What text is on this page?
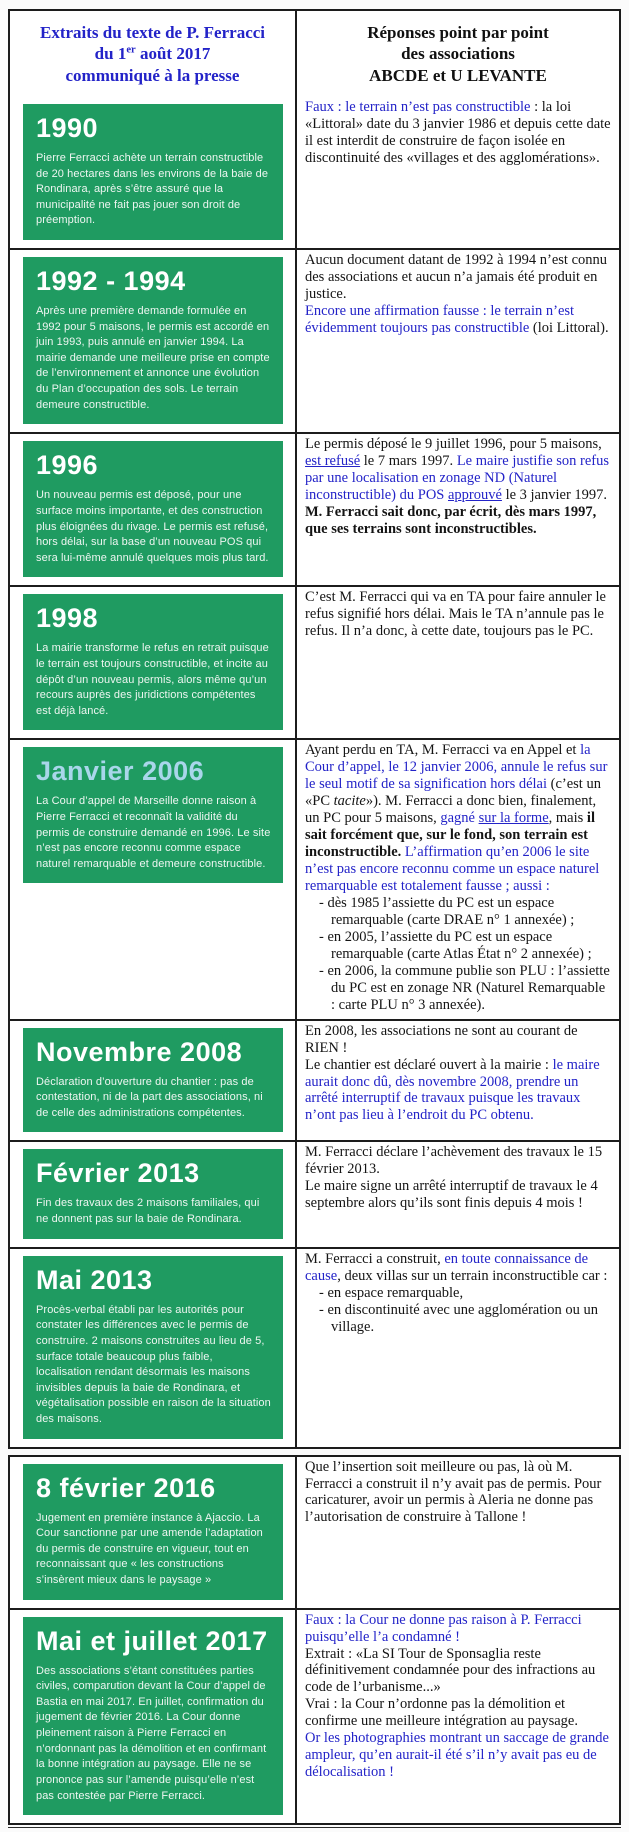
Extraits du texte de P. Ferracci
du 1er août 2017
communiqué à la presse
Réponses point par point
des associations
ABCDE et U LEVANTE
1990
Pierre Ferracci achète un terrain constructible de 20 hectares dans les environs de la baie de Rondinara, après s’être assuré que la municipalité ne fait pas jouer son droit de préemption.
Faux : le terrain n’est pas constructible : la loi «Littoral» date du 3 janvier 1986 et depuis cette date il est interdit de construire de façon isolée en discontinuité des «villages et des agglomérations».
1992 - 1994
Après une première demande formulée en 1992 pour 5 maisons, le permis est accordé en juin 1993, puis annulé en janvier 1994. La mairie demande une meilleure prise en compte de l’environnement et annonce une évolution du Plan d’occupation des sols. Le terrain demeure constructible.
Aucun document datant de 1992 à 1994 n’est connu des associations et aucun n’a jamais été produit en justice.
Encore une affirmation fausse : le terrain n’est évidemment toujours pas constructible (loi Littoral).
1996
Un nouveau permis est déposé, pour une surface moins importante, et des construction plus éloignées du rivage. Le permis est refusé, hors délai, sur la base d’un nouveau POS qui sera lui-même annulé quelques mois plus tard.
Le permis déposé le 9 juillet 1996, pour 5 maisons, est refusé le 7 mars 1997. Le maire justifie son refus par une localisation en zonage ND (Naturel inconstructible) du POS approuvé le 3 janvier 1997. M. Ferracci sait donc, par écrit, dès mars 1997, que ses terrains sont inconstructibles.
1998
La mairie transforme le refus en retrait puisque le terrain est toujours constructible, et incite au dépôt d’un nouveau permis, alors même qu’un recours auprès des juridictions compétentes est déjà lancé.
C’est M. Ferracci qui va en TA pour faire annuler le refus signifié hors délai. Mais le TA n’annule pas le refus. Il n’a donc, à cette date, toujours pas le PC.
Janvier 2006
La Cour d’appel de Marseille donne raison à Pierre Ferracci et reconnaît la validité du permis de construire demandé en 1996. Le site n’est pas encore reconnu comme espace naturel remarquable et demeure constructible.
Ayant perdu en TA, M. Ferracci va en Appel et la Cour d’appel, le 12 janvier 2006, annule le refus sur le seul motif de sa signification hors délai (c’est un «PC tacite»). M. Ferracci a donc bien, finalement, un PC pour 5 maisons, gagné sur la forme, mais il sait forcément que, sur le fond, son terrain est inconstructible. L’affirmation qu’en 2006 le site n’est pas encore reconnu comme un espace naturel remarquable est totalement fausse ; aussi :
- dès 1985 l’assiette du PC est un espace remarquable (carte DRAE n° 1 annexée) ;
- en 2005, l’assiette du PC est un espace remarquable (carte Atlas État n° 2 annexée) ;
- en 2006, la commune publie son PLU : l’assiette du PC est en zonage NR (Naturel Remarquable : carte PLU n° 3 annexée).
Novembre 2008
Déclaration d’ouverture du chantier : pas de contestation, ni de la part des associations, ni de celle des administrations compétentes.
En 2008, les associations ne sont au courant de RIEN !
Le chantier est déclaré ouvert à la mairie : le maire aurait donc dû, dès novembre 2008, prendre un arrêté interruptif de travaux puisque les travaux n’ont pas lieu à l’endroit du PC obtenu.
Février 2013
Fin des travaux des 2 maisons familiales, qui ne donnent pas sur la baie de Rondinara.
M. Ferracci déclare l’achèvement des travaux le 15 février 2013.
Le maire signe un arrêté interruptif de travaux le 4 septembre alors qu’ils sont finis depuis 4 mois !
Mai 2013
Procès-verbal établi par les autorités pour constater les différences avec le permis de construire. 2 maisons construites au lieu de 5, surface totale beaucoup plus faible, localisation rendant désormais les maisons invisibles depuis la baie de Rondinara, et végétalisation possible en raison de la situation des maisons.
M. Ferracci a construit, en toute connaissance de cause, deux villas sur un terrain inconstructible car :
- en espace remarquable,
- en discontinuité avec une agglomération ou un village.
8 février 2016
Jugement en première instance à Ajaccio. La Cour sanctionne par une amende l’adaptation du permis de construire en vigueur, tout en reconnaissant que « les constructions s’insèrent mieux dans le paysage »
Que l’insertion soit meilleure ou pas, là où M. Ferracci a construit il n’y avait pas de permis. Pour caricaturer, avoir un permis à Aleria ne donne pas l’autorisation de construire à Tallone !
Mai et juillet 2017
Des associations s’étant constituées parties civiles, comparution devant la Cour d’appel de Bastia en mai 2017. En juillet, confirmation du jugement de février 2016. La Cour donne pleinement raison à Pierre Ferracci en n’ordonnant pas la démolition et en confirmant la bonne intégration au paysage. Elle ne se prononce pas sur l’amende puisqu’elle n’est pas contestée par Pierre Ferracci.
Faux : la Cour ne donne pas raison à P. Ferracci puisqu’elle l’a condamné !
Extrait : «La SI Tour de Sponsaglia reste définitivement condamnée pour des infractions au code de l’urbanisme...»
Vrai : la Cour n’ordonne pas la démolition et confirme une meilleure intégration au paysage.
Or les photographies montrant un saccage de grande ampleur, qu’en aurait-il été s’il n’y avait pas eu de délocalisation !
